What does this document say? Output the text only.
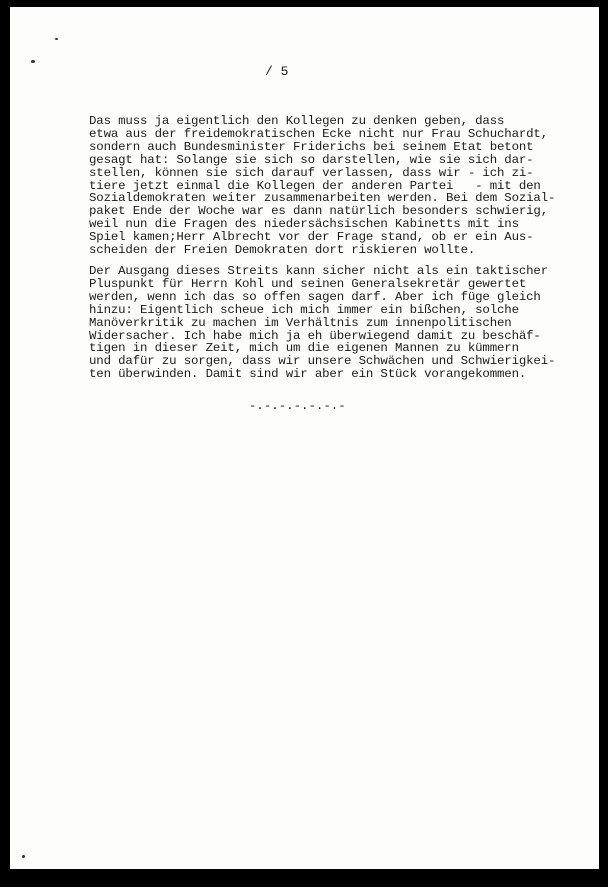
/ 5
Das muss ja eigentlich den Kollegen zu denken geben, dass
etwa aus der freidemokratischen Ecke nicht nur Frau Schuchardt,
sondern auch Bundesminister Friderichs bei seinem Etat betont
gesagt hat: Solange sie sich so darstellen, wie sie sich dar-
stellen, können sie sich darauf verlassen, dass wir - ich zi-
tiere jetzt einmal die Kollegen der anderen Partei   - mit den
Sozialdemokraten weiter zusammenarbeiten werden. Bei dem Sozial-
paket Ende der Woche war es dann natürlich besonders schwierig,
weil nun die Fragen des niedersächsischen Kabinetts mit ins
Spiel kamen;Herr Albrecht vor der Frage stand, ob er ein Aus-
scheiden der Freien Demokraten dort riskieren wollte.
Der Ausgang dieses Streits kann sicher nicht als ein taktischer
Pluspunkt für Herrn Kohl und seinen Generalsekretär gewertet
werden, wenn ich das so offen sagen darf. Aber ich füge gleich
hinzu: Eigentlich scheue ich mich immer ein bißchen, solche
Manöverkritik zu machen im Verhältnis zum innenpolitischen
Widersacher. Ich habe mich ja eh überwiegend damit zu beschäf-
tigen in dieser Zeit, mich um die eigenen Mannen zu kümmern
und dafür zu sorgen, dass wir unsere Schwächen und Schwierigkei-
ten überwinden. Damit sind wir aber ein Stück vorangekommen.
-.-.-.-.-.-.-
